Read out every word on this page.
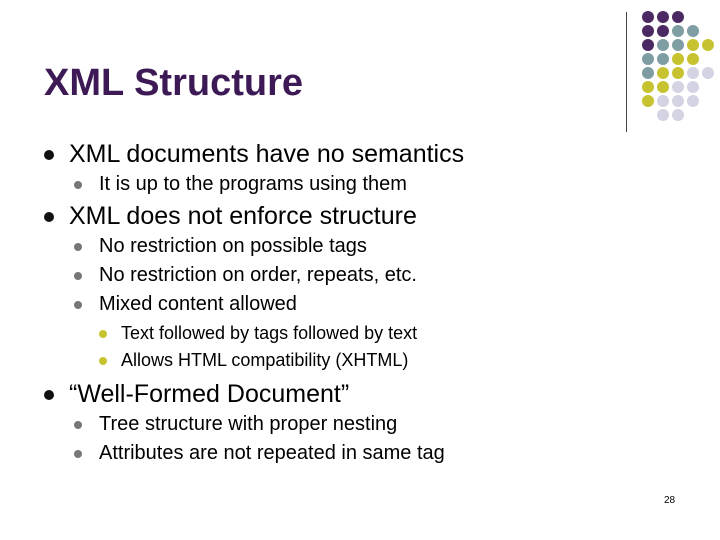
XML Structure
XML documents have no semantics
It is up to the programs using them
XML does not enforce structure
No restriction on possible tags
No restriction on order, repeats, etc.
Mixed content allowed
Text followed by tags followed by text
Allows HTML compatibility (XHTML)
“Well-Formed Document”
Tree structure with proper nesting
Attributes are not repeated in same tag
28
